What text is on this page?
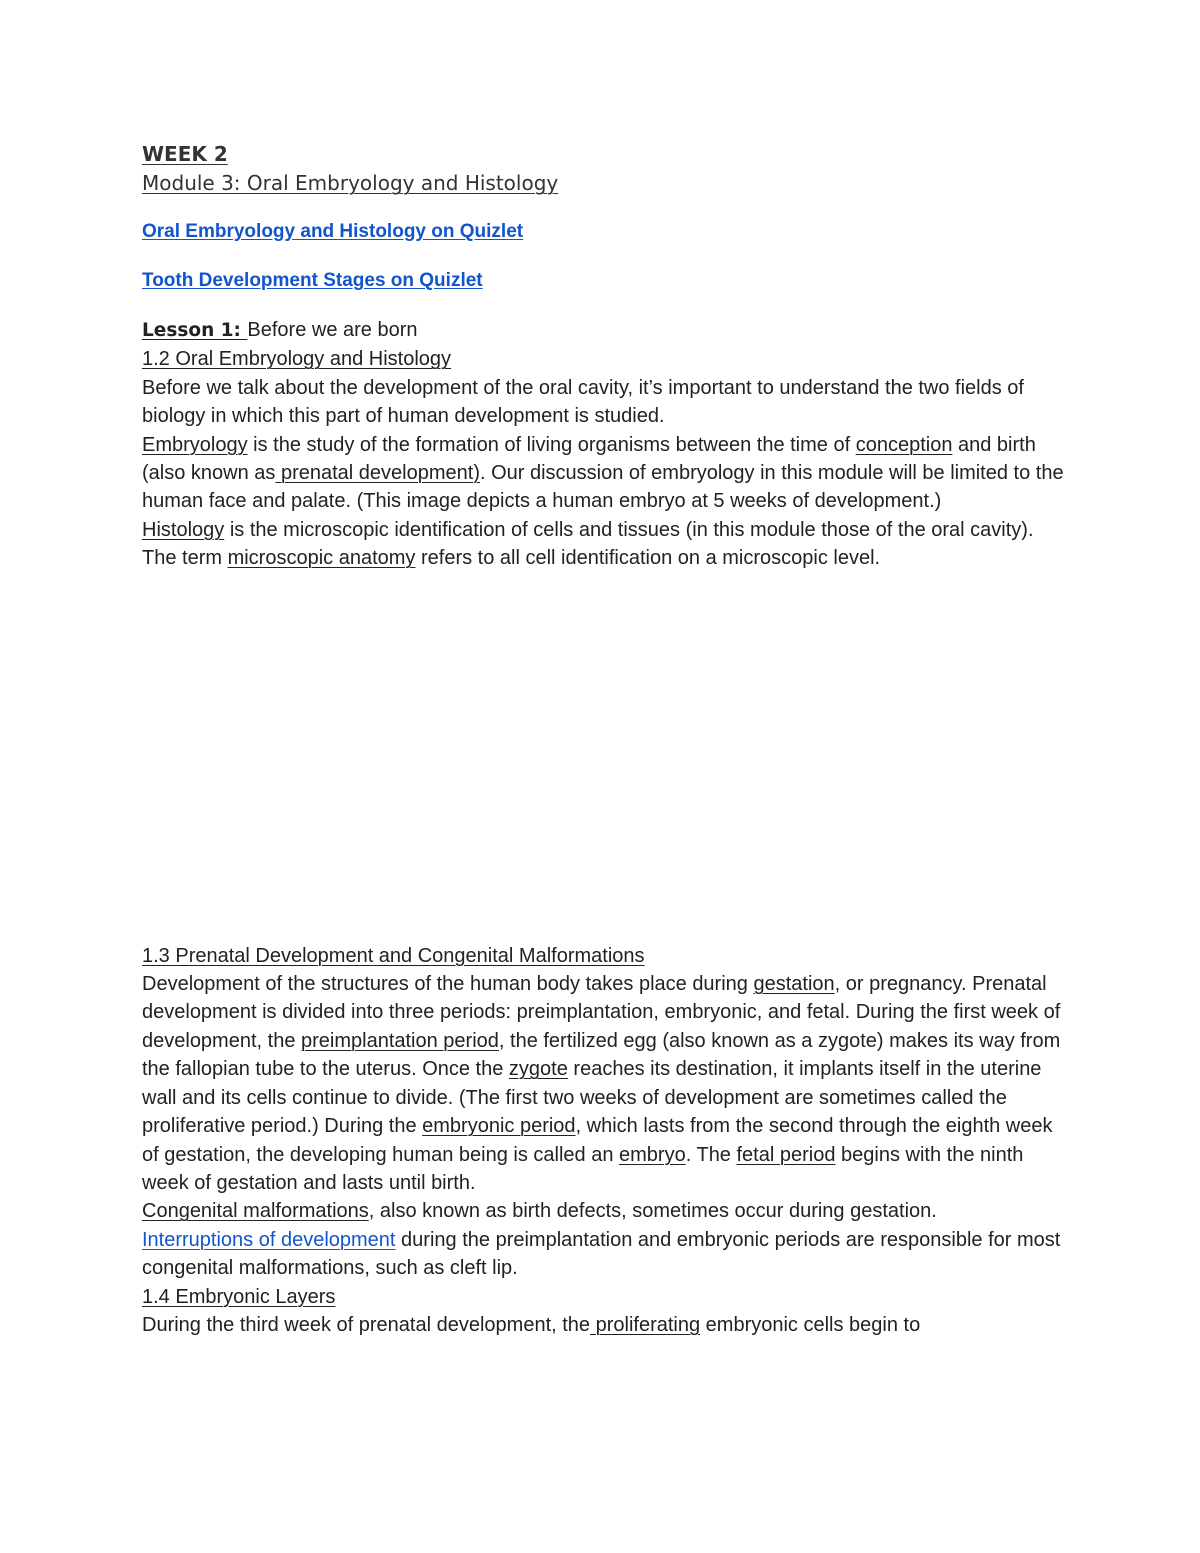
WEEK 2
Module 3: Oral Embryology and Histology
Oral Embryology and Histology on Quizlet
Tooth Development Stages on Quizlet

Lesson 1: Before we are born

1.2 Oral Embryology and Histology

Before we talk about the development of the oral cavity, it’s important to understand the two fields of biology in which this part of human development is studied.

Embryology is the study of the formation of living organisms between the time of conception and birth (also known as prenatal development). Our discussion of embryology in this module will be limited to the human face and palate. (This image depicts a human embryo at 5 weeks of development.)

Histology is the microscopic identification of cells and tissues (in this module those of the oral cavity). The term microscopic anatomy refers to all cell identification on a microscopic level.

1.3 Prenatal Development and Congenital Malformations

Development of the structures of the human body takes place during gestation, or pregnancy. Prenatal development is divided into three periods: preimplantation, embryonic, and fetal. During the first week of development, the preimplantation period, the fertilized egg (also known as a zygote) makes its way from the fallopian tube to the uterus. Once the zygote reaches its destination, it implants itself in the uterine wall and its cells continue to divide. (The first two weeks of development are sometimes called the proliferative period.) During the embryonic period, which lasts from the second through the eighth week of gestation, the developing human being is called an embryo. The fetal period begins with the ninth week of gestation and lasts until birth.

Congenital malformations, also known as birth defects, sometimes occur during gestation.

Interruptions of development during the preimplantation and embryonic periods are responsible for most congenital malformations, such as cleft lip.

1.4 Embryonic Layers

During the third week of prenatal development, the proliferating embryonic cells begin to
